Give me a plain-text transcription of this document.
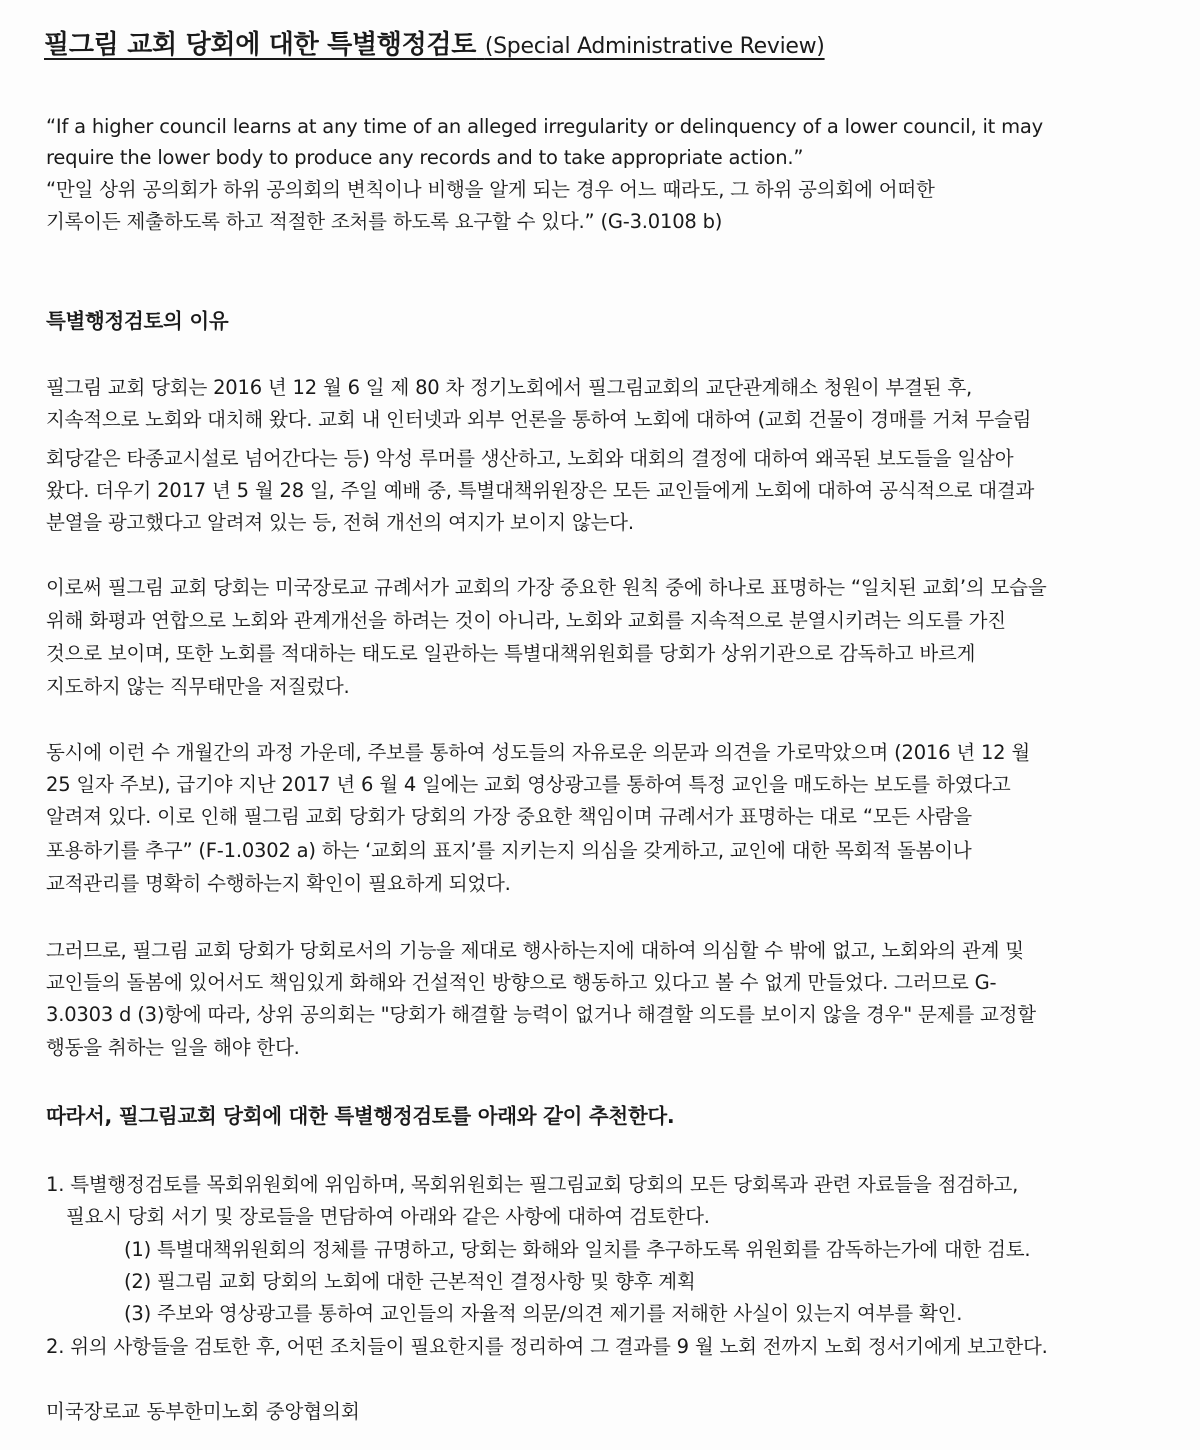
필그림 교회 당회에 대한 특별행정검토 (Special Administrative Review)
“If a higher council learns at any time of an alleged irregularity or delinquency of a lower council, it may
require the lower body to produce any records and to take appropriate action.”
“만일 상위 공의회가 하위 공의회의 변칙이나 비행을 알게 되는 경우 어느 때라도, 그 하위 공의회에 어떠한
기록이든 제출하도록 하고 적절한 조처를 하도록 요구할 수 있다.” (G-3.0108 b)
특별행정검토의 이유
필그림 교회 당회는 2016 년 12 월 6 일 제 80 차 정기노회에서 필그림교회의 교단관계해소 청원이 부결된 후,
지속적으로 노회와 대치해 왔다. 교회 내 인터넷과 외부 언론을 통하여 노회에 대하여 (교회 건물이 경매를 거쳐 무슬림
회당같은 타종교시설로 넘어간다는 등) 악성 루머를 생산하고, 노회와 대회의 결정에 대하여 왜곡된 보도들을 일삼아
왔다. 더우기 2017 년 5 월 28 일, 주일 예배 중, 특별대책위원장은 모든 교인들에게 노회에 대하여 공식적으로 대결과
분열을 광고했다고 알려져 있는 등, 전혀 개선의 여지가 보이지 않는다.
이로써 필그림 교회 당회는 미국장로교 규례서가 교회의 가장 중요한 원칙 중에 하나로 표명하는 “일치된 교회’의 모습을
위해 화평과 연합으로 노회와 관계개선을 하려는 것이 아니라, 노회와 교회를 지속적으로 분열시키려는 의도를 가진
것으로 보이며, 또한 노회를 적대하는 태도로 일관하는 특별대책위원회를 당회가 상위기관으로 감독하고 바르게
지도하지 않는 직무태만을 저질렀다.
동시에 이런 수 개월간의 과정 가운데, 주보를 통하여 성도들의 자유로운 의문과 의견을 가로막았으며 (2016 년 12 월
25 일자 주보), 급기야 지난 2017 년 6 월 4 일에는 교회 영상광고를 통하여 특정 교인을 매도하는 보도를 하였다고
알려져 있다. 이로 인해 필그림 교회 당회가 당회의 가장 중요한 책임이며 규례서가 표명하는 대로 “모든 사람을
포용하기를 추구” (F-1.0302 a) 하는 ‘교회의 표지’를 지키는지 의심을 갖게하고, 교인에 대한 목회적 돌봄이나
교적관리를 명확히 수행하는지 확인이 필요하게 되었다.
그러므로, 필그림 교회 당회가 당회로서의 기능을 제대로 행사하는지에 대하여 의심할 수 밖에 없고, 노회와의 관계 및
교인들의 돌봄에 있어서도 책임있게 화해와 건설적인 방향으로 행동하고 있다고 볼 수 없게 만들었다. 그러므로 G-
3.0303 d (3)항에 따라, 상위 공의회는 "당회가 해결할 능력이 없거나 해결할 의도를 보이지 않을 경우" 문제를 교정할
행동을 취하는 일을 해야 한다.
따라서, 필그림교회 당회에 대한 특별행정검토를 아래와 같이 추천한다.
1. 특별행정검토를 목회위원회에 위임하며, 목회위원회는 필그림교회 당회의 모든 당회록과 관련 자료들을 점검하고,
필요시 당회 서기 및 장로들을 면담하여 아래와 같은 사항에 대하여 검토한다.
(1) 특별대책위원회의 정체를 규명하고, 당회는 화해와 일치를 추구하도록 위원회를 감독하는가에 대한 검토.
(2) 필그림 교회 당회의 노회에 대한 근본적인 결정사항 및 향후 계획
(3) 주보와 영상광고를 통하여 교인들의 자율적 의문/의견 제기를 저해한 사실이 있는지 여부를 확인.
2. 위의 사항들을 검토한 후, 어떤 조치들이 필요한지를 정리하여 그 결과를 9 월 노회 전까지 노회 정서기에게 보고한다.
미국장로교 동부한미노회 중앙협의회
